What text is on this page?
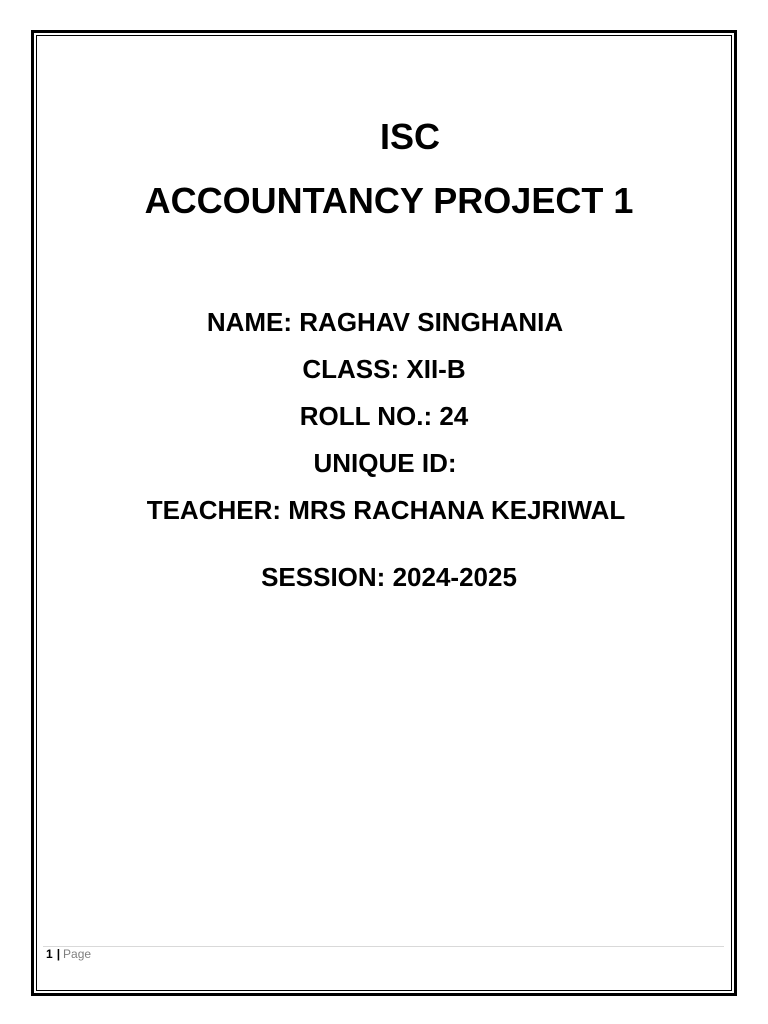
ISC
ACCOUNTANCY PROJECT 1
NAME: RAGHAV SINGHANIA
CLASS: XII-B
ROLL NO.: 24
UNIQUE ID:
TEACHER: MRS RACHANA KEJRIWAL
SESSION: 2024-2025
1 | Page
